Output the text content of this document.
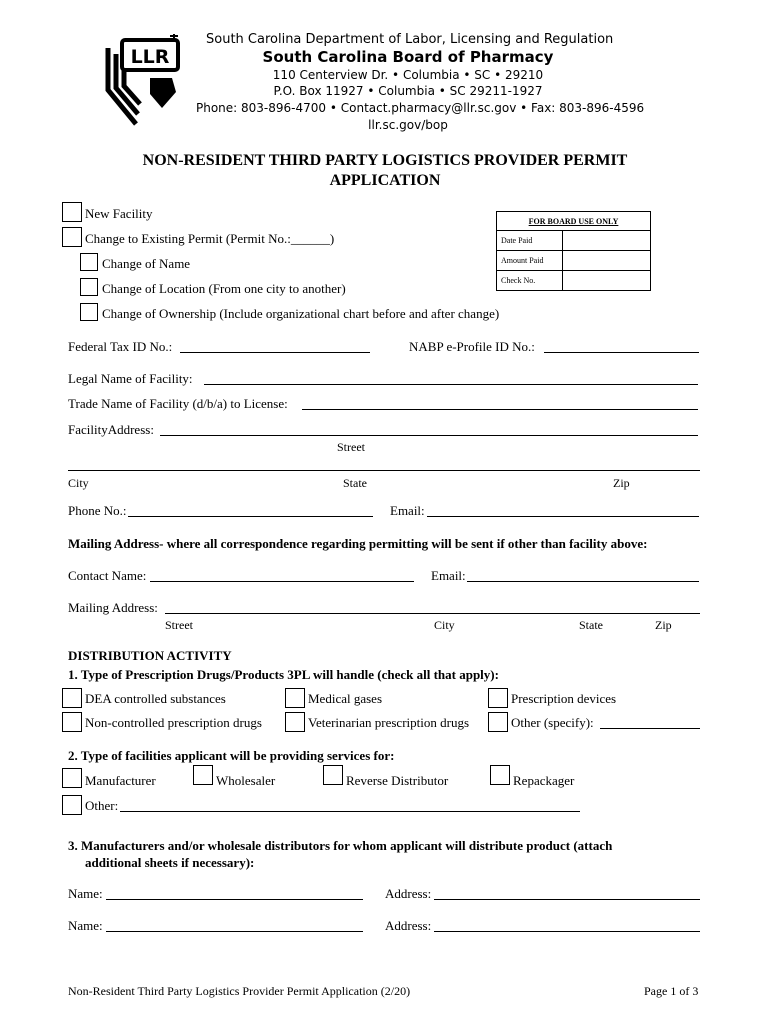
LLR
South Carolina Department of Labor, Licensing and Regulation
South Carolina Board of Pharmacy
110 Centerview Dr. • Columbia • SC • 29210
P.O. Box 11927 • Columbia • SC 29211-1927
Phone: 803-896-4700 • Contact.pharmacy@llr.sc.gov • Fax: 803-896-4596
llr.sc.gov/bop
NON-RESIDENT THIRD PARTY LOGISTICS PROVIDER PERMIT
APPLICATION
New Facility
Change to Existing Permit (Permit No.:______)
Change of Name
Change of Location (From one city to another)
Change of Ownership (Include organizational chart before and after change)
FOR BOARD USE ONLY	
Date Paid	
Amount Paid	
Check No.	
Federal Tax ID No.:	NABP e-Profile ID No.:
Legal Name of Facility:
Trade Name of Facility (d/b/a) to License:
FacilityAddress:
Street
City	State	Zip
Phone No.:	Email:
Mailing Address- where all correspondence regarding permitting will be sent if other than facility above:
Contact Name:	Email:
Mailing Address:
Street	City	State	Zip
DISTRIBUTION ACTIVITY
1. Type of Prescription Drugs/Products 3PL will handle (check all that apply):
DEA controlled substances	Medical gases	Prescription devices
Non-controlled prescription drugs	Veterinarian prescription drugs	Other (specify):
2. Type of facilities applicant will be providing services for:
Manufacturer	Wholesaler	Reverse Distributor	Repackager
Other:
3. Manufacturers and/or wholesale distributors for whom applicant will distribute product (attach
additional sheets if necessary):
Name:	Address:
Name:	Address:
Non-Resident Third Party Logistics Provider Permit Application (2/20)	Page 1 of 3
